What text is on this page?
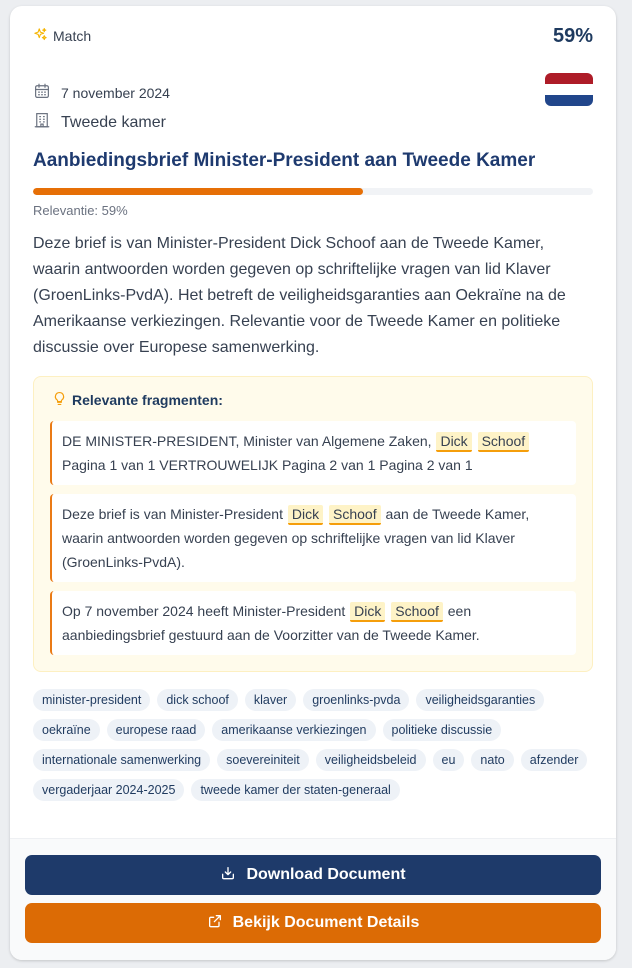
Match	59%
7 november 2024
Tweede kamer
Aanbiedingsbrief Minister-President aan Tweede Kamer
Relevantie: 59%

Deze brief is van Minister-President Dick Schoof aan de Tweede Kamer, waarin antwoorden worden gegeven op schriftelijke vragen van lid Klaver (GroenLinks-PvdA). Het betreft de veiligheidsgaranties aan Oekraïne na de Amerikaanse verkiezingen. Relevantie voor de Tweede Kamer en politieke discussie over Europese samenwerking.

Relevante fragmenten:
DE MINISTER-PRESIDENT, Minister van Algemene Zaken, Dick Schoof Pagina 1 van 1 VERTROUWELIJK Pagina 2 van 1 Pagina 2 van 1
Deze brief is van Minister-President Dick Schoof aan de Tweede Kamer, waarin antwoorden worden gegeven op schriftelijke vragen van lid Klaver (GroenLinks-PvdA).
Op 7 november 2024 heeft Minister-President Dick Schoof een aanbiedingsbrief gestuurd aan de Voorzitter van de Tweede Kamer.
minister-president	dick schoof	klaver	groenlinks-pvda	veiligheidsgaranties
oekraïne	europese raad	amerikaanse verkiezingen	politieke discussie
internationale samenwerking	soevereiniteit	veiligheidsbeleid	eu	nato	afzender
vergaderjaar 2024-2025	tweede kamer der staten-generaal
Download Document
Bekijk Document Details
